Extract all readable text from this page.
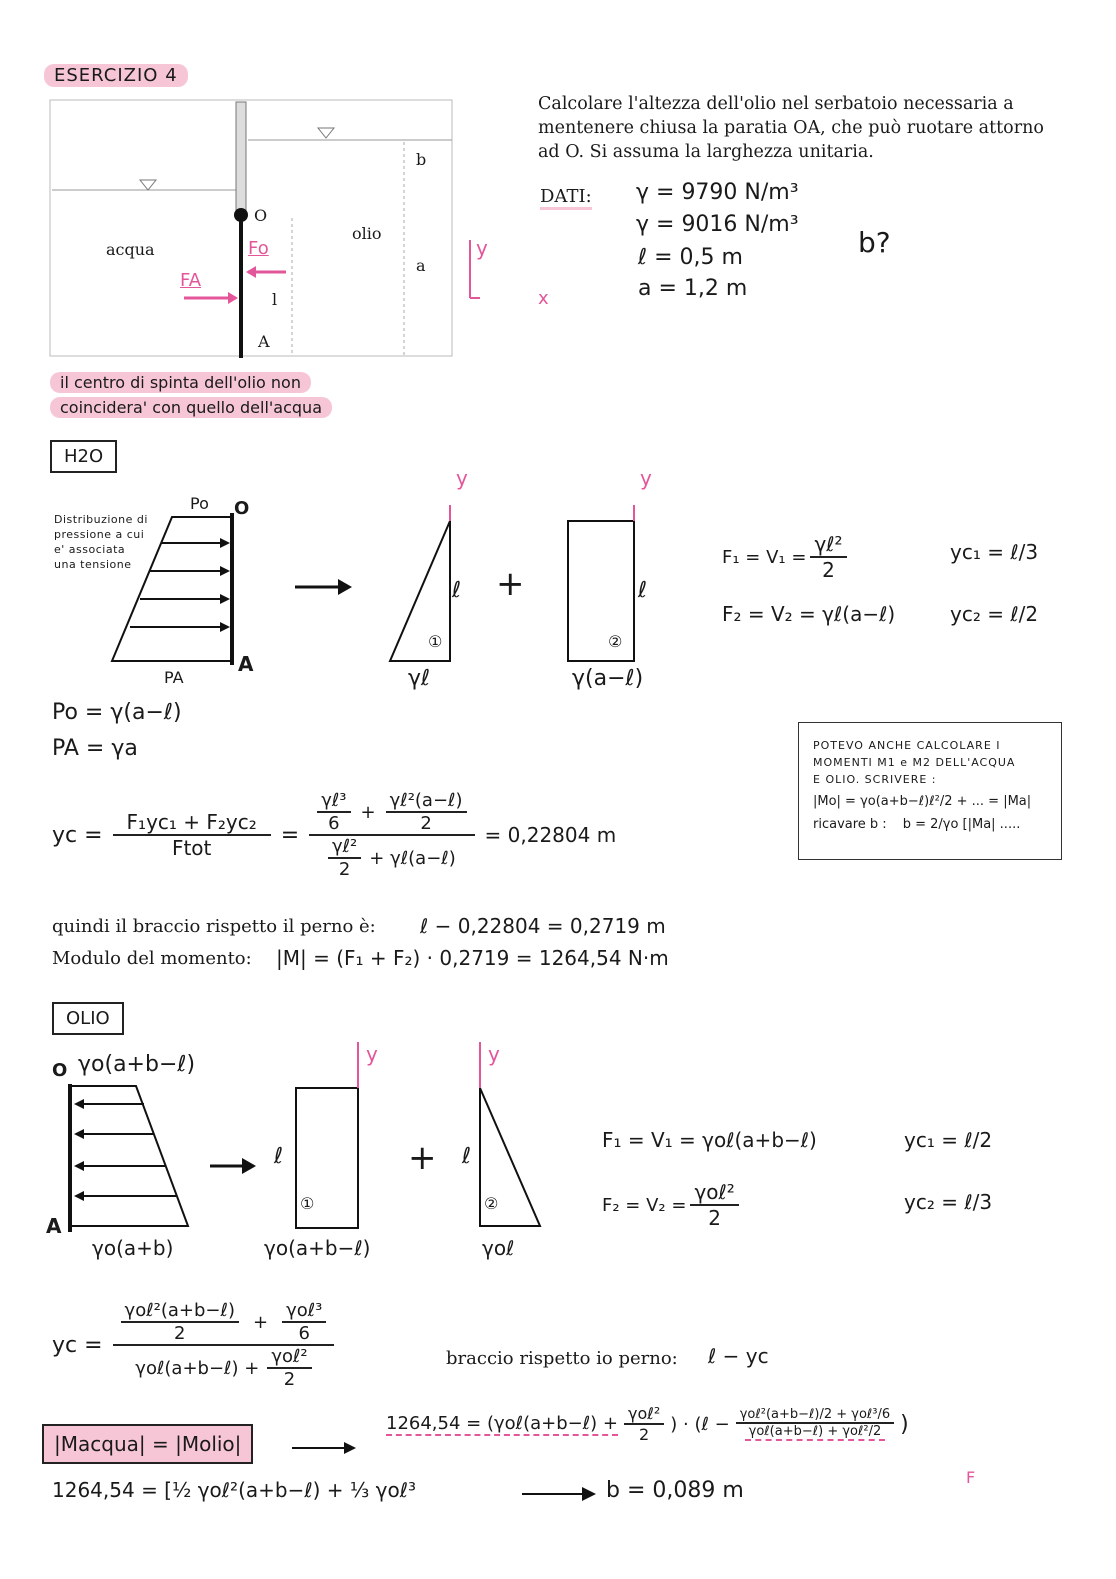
ESERCIZIO 4
acqua
olio
O
A
b
a
l
Fo
FA
x
y
Calcolare l'altezza dell'olio nel serbatoio necessaria a mentenere chiusa la paratia OA, che può ruotare attorno ad O. Si assuma la larghezza unitaria.
DATI: γ = 9790 N/m³
γ = 9016 N/m³
ℓ = 0,5 m
a = 1,2 m
b?
il centro di spinta dell'olio non
coincidera' con quello dell'acqua
H2O
Distribuzione di
pressione a cui
e' associata
una tensione
Po
PA
O
A
y	y
ℓ	ℓ
①	②
γℓ	γ(a−ℓ)
+
$F_1 = V_1 = \frac{\text{γℓ²}}{2}$
F₂ = V₂ = γℓ(a−ℓ)
yc₁ = ℓ/3
yc₂ = ℓ/2
Po = γ(a−ℓ)
PA = γa
yc = $\frac{\text{F₁yc₁ + F₂yc₂}}{\text{Ftot}} = \frac{\frac{\text{γℓ³}}{6} + \frac{\text{γℓ²(a−ℓ)}}{2}}{\frac{\text{γℓ²}}{2} + \gamma\ell(a-\ell)} = 0,22804$ m
POTEVO ANCHE CALCOLARE I
MOMENTI M1 e M2 DELL'ACQUA
E OLIO. SCRIVERE :
|Mo| = γo(a+b−ℓ)ℓ²/2 + ... = |Ma|
ricavare b : b = 2/γo [|Ma| .....
quindi il braccio rispetto il perno è: ℓ − 0,22804 = 0,2719 m
Modulo del momento: |M| = (F₁ + F₂) · 0,2719 = 1264,54 N·m
OLIO
O γo(a+b−ℓ)
A
γo(a+b)
y	y
ℓ	ℓ
①	②
γo(a+b−ℓ)	γoℓ
+	F₁ = V₁ = γoℓ(a+b−ℓ)
$F_2 = V_2 = \frac{\text{γoℓ²}}{2}$
yc₁ = ℓ/2
yc₂ = ℓ/3
yc = $\frac{\frac{\text{γoℓ²(a+b−ℓ)}}{2} + \frac{\text{γoℓ³}}{6}}{\gamma o\ell(a+b-\ell) + \frac{\text{γoℓ²}}{2}}$	braccio rispetto io perno: ℓ − yc
|Macqua| = |Molio|
1264,54 = (γoℓ(a+b−ℓ) + $\frac{\text{γoℓ²}}{2}$ ) · (ℓ − $\frac{\text{γoℓ²(a+b−ℓ)/2 + γoℓ³/6}}{\text{γoℓ(a+b−ℓ) + γoℓ²/2}}$ )
F
1264,54 = [½ γoℓ²(a+b−ℓ) + ⅓ γoℓ³	b = 0,089 m
